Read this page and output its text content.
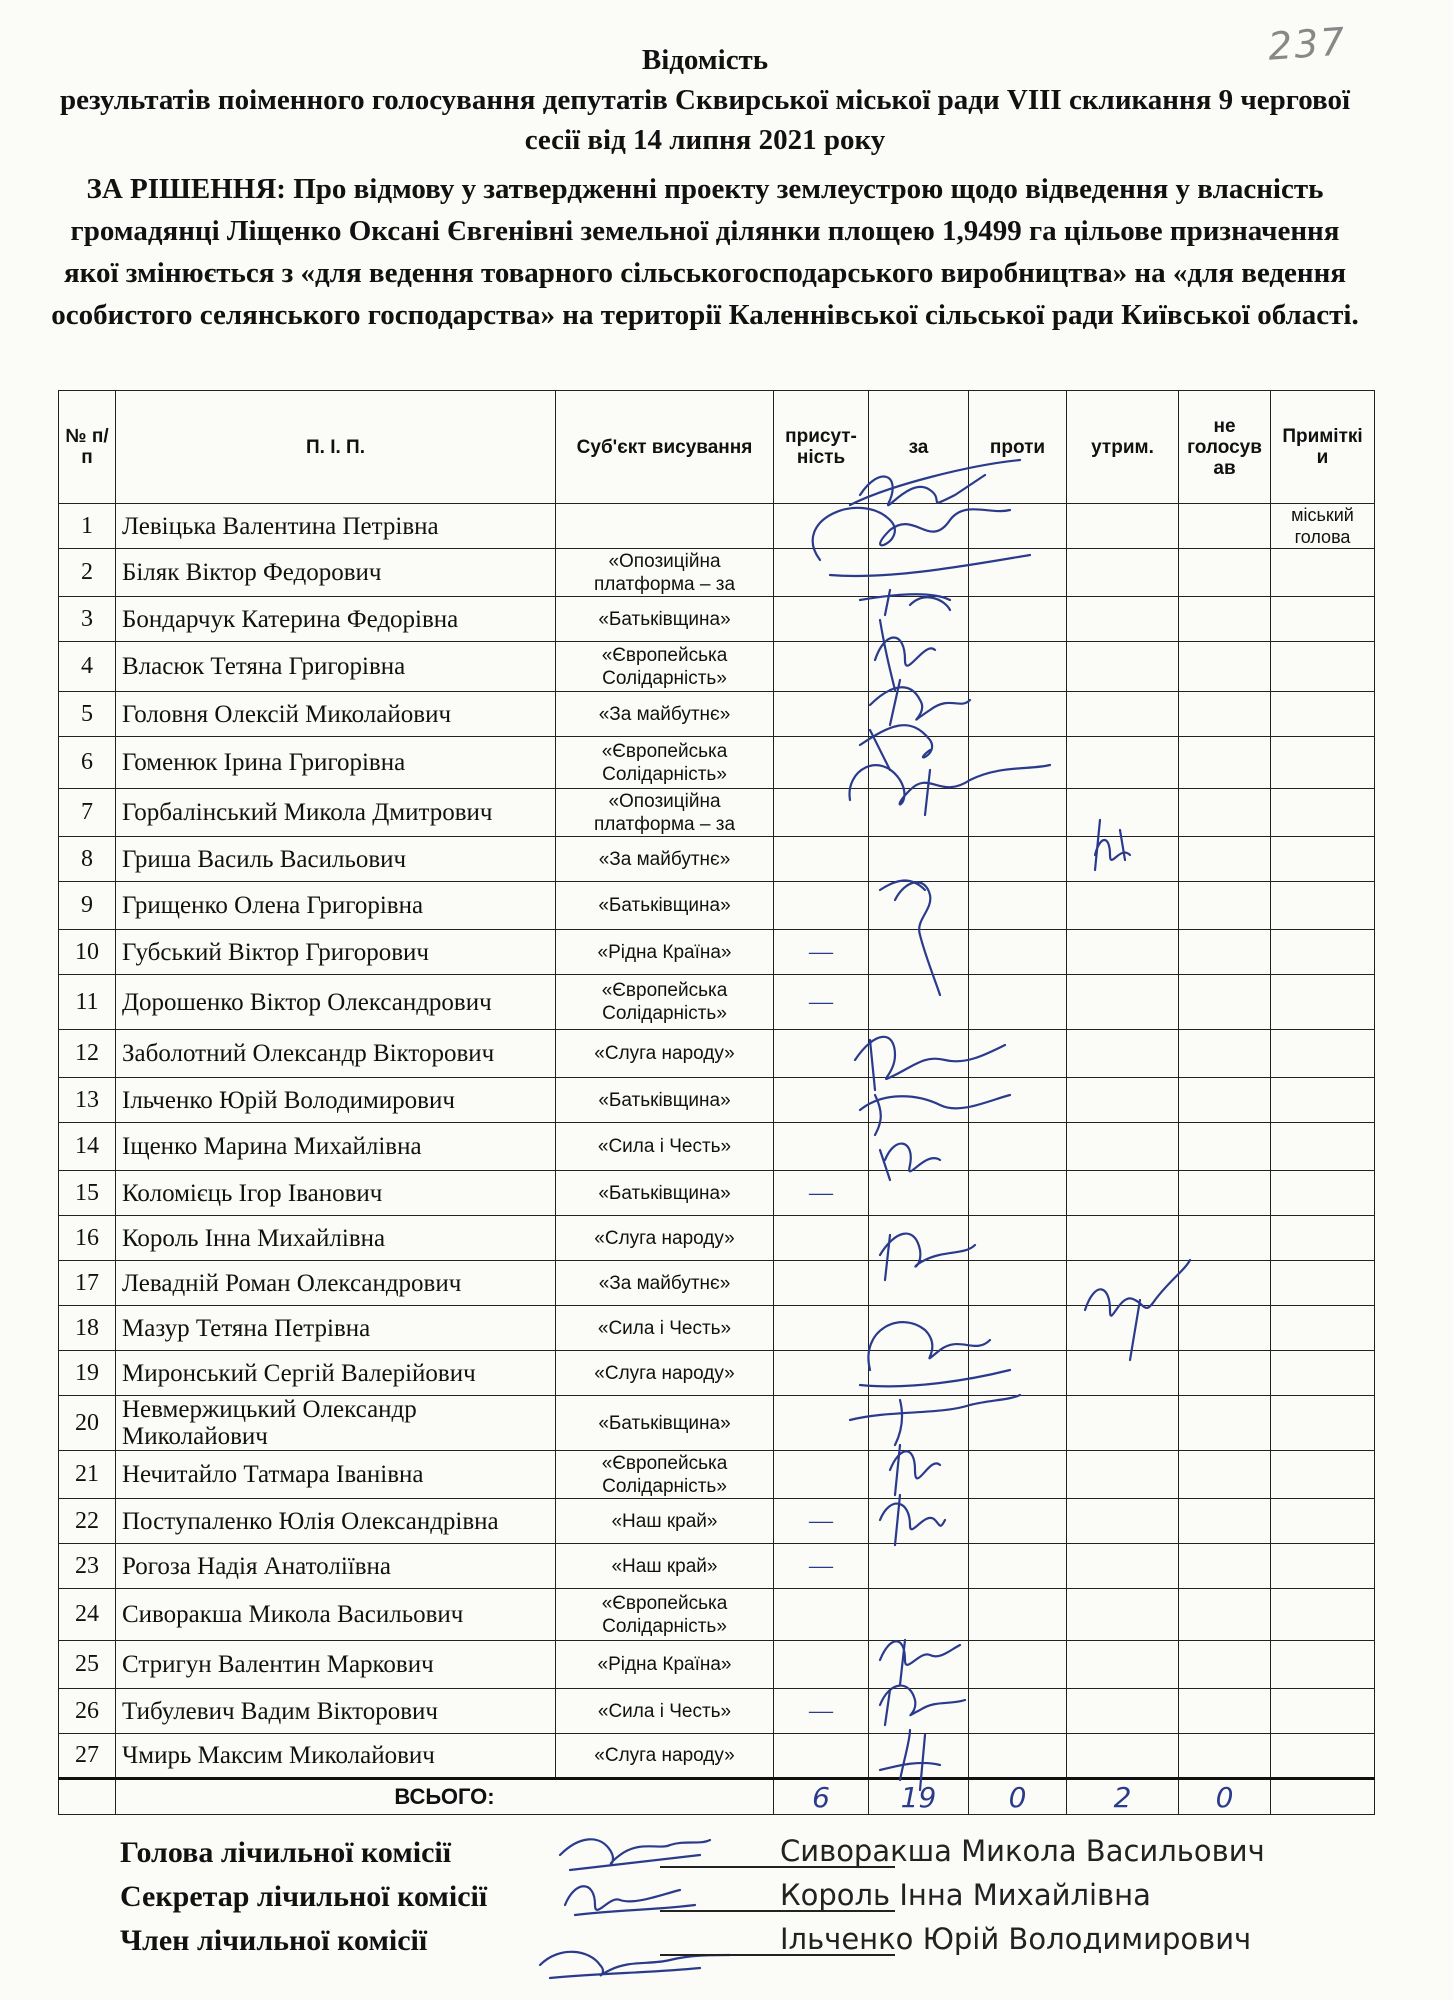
237
Відомість
результатів поіменного голосування депутатів Сквирської міської ради VIII скликання 9 чергової сесії від 14 липня 2021 року
ЗА РІШЕННЯ: Про відмову у затвердженні проекту землеустрою щодо відведення у власність громадянці Ліщенко Оксані Євгенівні земельної ділянки площею 1,9499 га цільове призначення якої змінюється з «для ведення товарного сільськогосподарського виробництва» на «для ведення особистого селянського господарства» на території Каленнівської сільської ради Київської області.
№ п/п	П. І. П.	Суб'єкт висування	присут-ність	за	проти	утрим.	не голосув ав	Приміткі и
1	Левіцька Валентина Петрівна							міський голова
2	Біляк Віктор Федорович	«Опозиційна платформа – за						
3	Бондарчук Катерина Федорівна	«Батьківщина»						
4	Власюк Тетяна Григорівна	«Європейська Солідарність»						
5	Головня Олексій Миколайович	«За майбутнє»						
6	Гоменюк Ірина Григорівна	«Європейська Солідарність»						
7	Горбалінський Микола Дмитрович	«Опозиційна платформа – за						
8	Гриша Василь Васильович	«За майбутнє»						
9	Грищенко Олена Григорівна	«Батьківщина»						
10	Губський Віктор Григорович	«Рідна Країна»	—					
11	Дорошенко Віктор Олександрович	«Європейська Солідарність»	—					
12	Заболотний Олександр Вікторович	«Слуга народу»						
13	Ільченко Юрій Володимирович	«Батьківщина»						
14	Іщенко Марина Михайлівна	«Сила і Честь»						
15	Коломієць Ігор Іванович	«Батьківщина»	—					
16	Король Інна Михайлівна	«Слуга народу»						
17	Левадній Роман Олександрович	«За майбутнє»						
18	Мазур Тетяна Петрівна	«Сила і Честь»						
19	Миронський Сергій Валерійович	«Слуга народу»						
20	Невмержицький Олександр Миколайович	«Батьківщина»						
21	Нечитайло Татмара Іванівна	«Європейська Солідарність»						
22	Поступаленко Юлія Олександрівна	«Наш край»	—					
23	Рогоза Надія Анатоліївна	«Наш край»	—					
24	Сиворакша Микола Васильович	«Європейська Солідарність»						
25	Стригун Валентин Маркович	«Рідна Країна»						
26	Тибулевич Вадим Вікторович	«Сила і Честь»	—					
27	Чмирь Максим Миколайович	«Слуга народу»						
	ВСЬОГО:		6	19	0	2	0	
Голова лічильної комісії	Сиворакша Микола Васильович
Секретар лічильної комісії	Король Інна Михайлівна
Член лічильної комісії	Ільченко Юрій Володимирович
